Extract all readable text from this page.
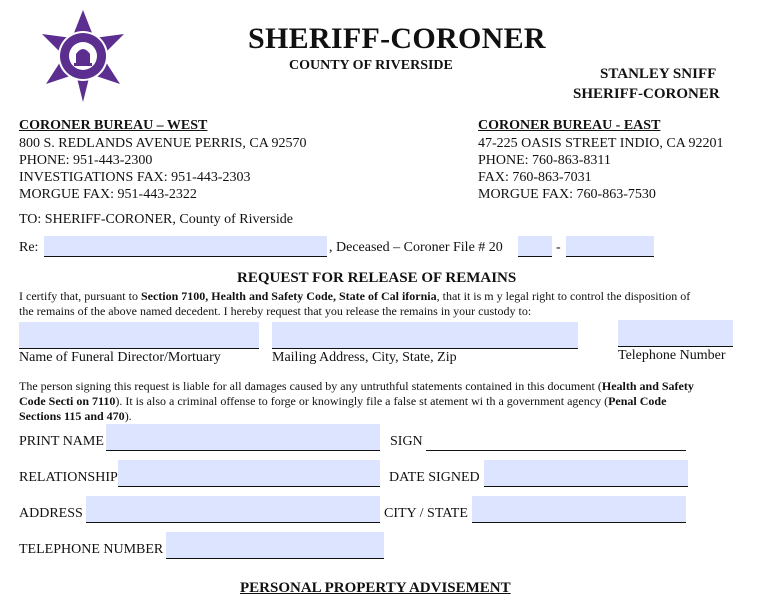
SHERIFF-CORONER
COUNTY OF RIVERSIDE
STANLEY SNIFF
SHERIFF-CORONER
CORONER BUREAU – WEST
800 S. REDLANDS AVENUE PERRIS, CA 92570
PHONE: 951-443-2300
INVESTIGATIONS FAX: 951-443-2303
MORGUE FAX: 951-443-2322
CORONER BUREAU - EAST
47-225 OASIS STREET INDIO, CA 92201
PHONE: 760-863-8311
FAX: 760-863-7031
MORGUE FAX: 760-863-7530
TO: SHERIFF-CORONER, County of Riverside
Re:	, Deceased – Coroner File # 20	-
REQUEST FOR RELEASE OF REMAINS
I certify that, pursuant to Section 7100, Health and Safety Code, State of Cal ifornia, that it is m y legal right to control the disposition of
the remains of the above named decedent. I hereby request that you release the remains in your custody to:
Name of Funeral Director/Mortuary	Mailing Address, City, State, Zip	Telephone Number
The person signing this request is liable for all damages caused by any untruthful statements contained in this document (Health and Safety
Code Secti on 7110). It is also a criminal offense to forge or knowingly file a false st atement wi th a government agency (Penal Code
Sections 115 and 470).
PRINT NAME	SIGN
RELATIONSHIP	DATE SIGNED
ADDRESS	CITY / STATE
TELEPHONE NUMBER
PERSONAL PROPERTY ADVISEMENT
